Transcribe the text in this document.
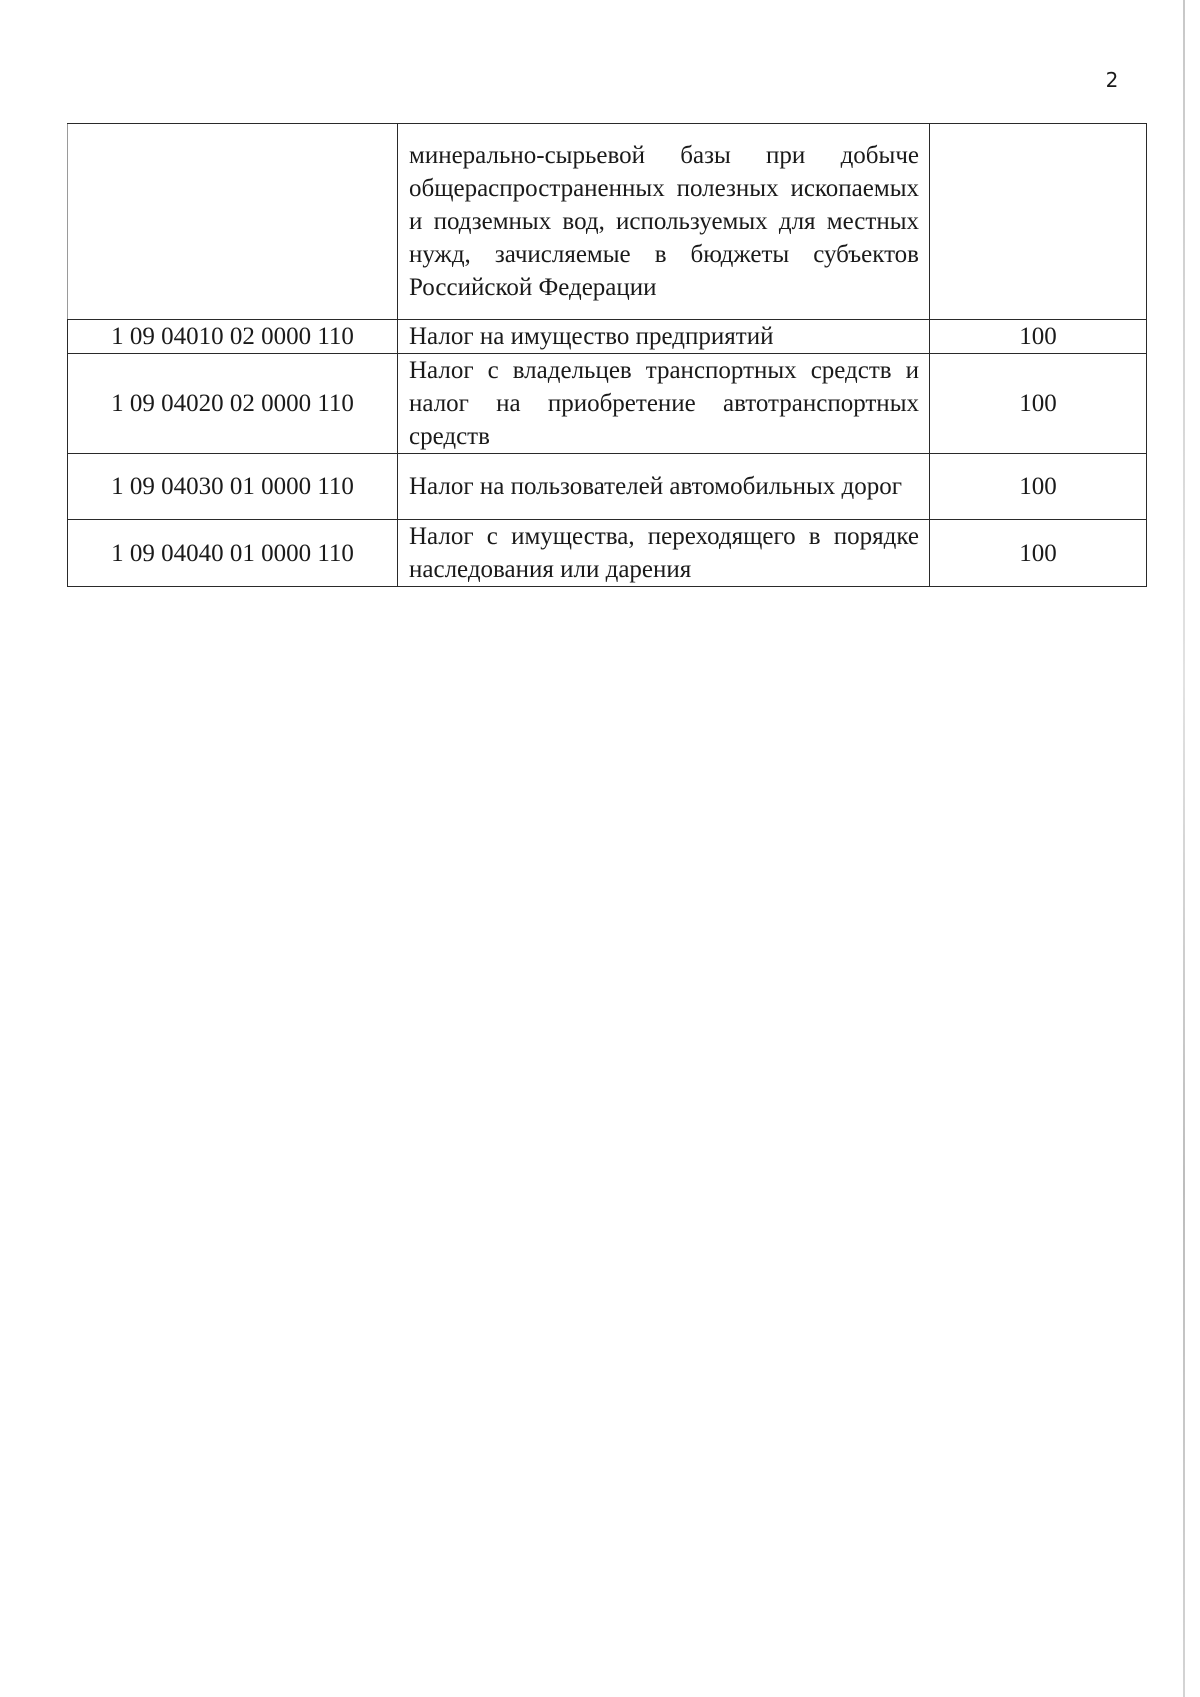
2
	минерально-сырьевой базы при добыче общераспространенных полезных ископаемых и подземных вод, используемых для местных нужд, зачисляемые в бюджеты субъектов Российской Федерации	
1 09 04010 02 0000 110	Налог на имущество предприятий	100
1 09 04020 02 0000 110	Налог с владельцев транспортных средств и налог на приобретение автотранспортных средств	100
1 09 04030 01 0000 110	Налог на пользователей автомобильных дорог	100
1 09 04040 01 0000 110	Налог с имущества, переходящего в порядке наследования или дарения	100
